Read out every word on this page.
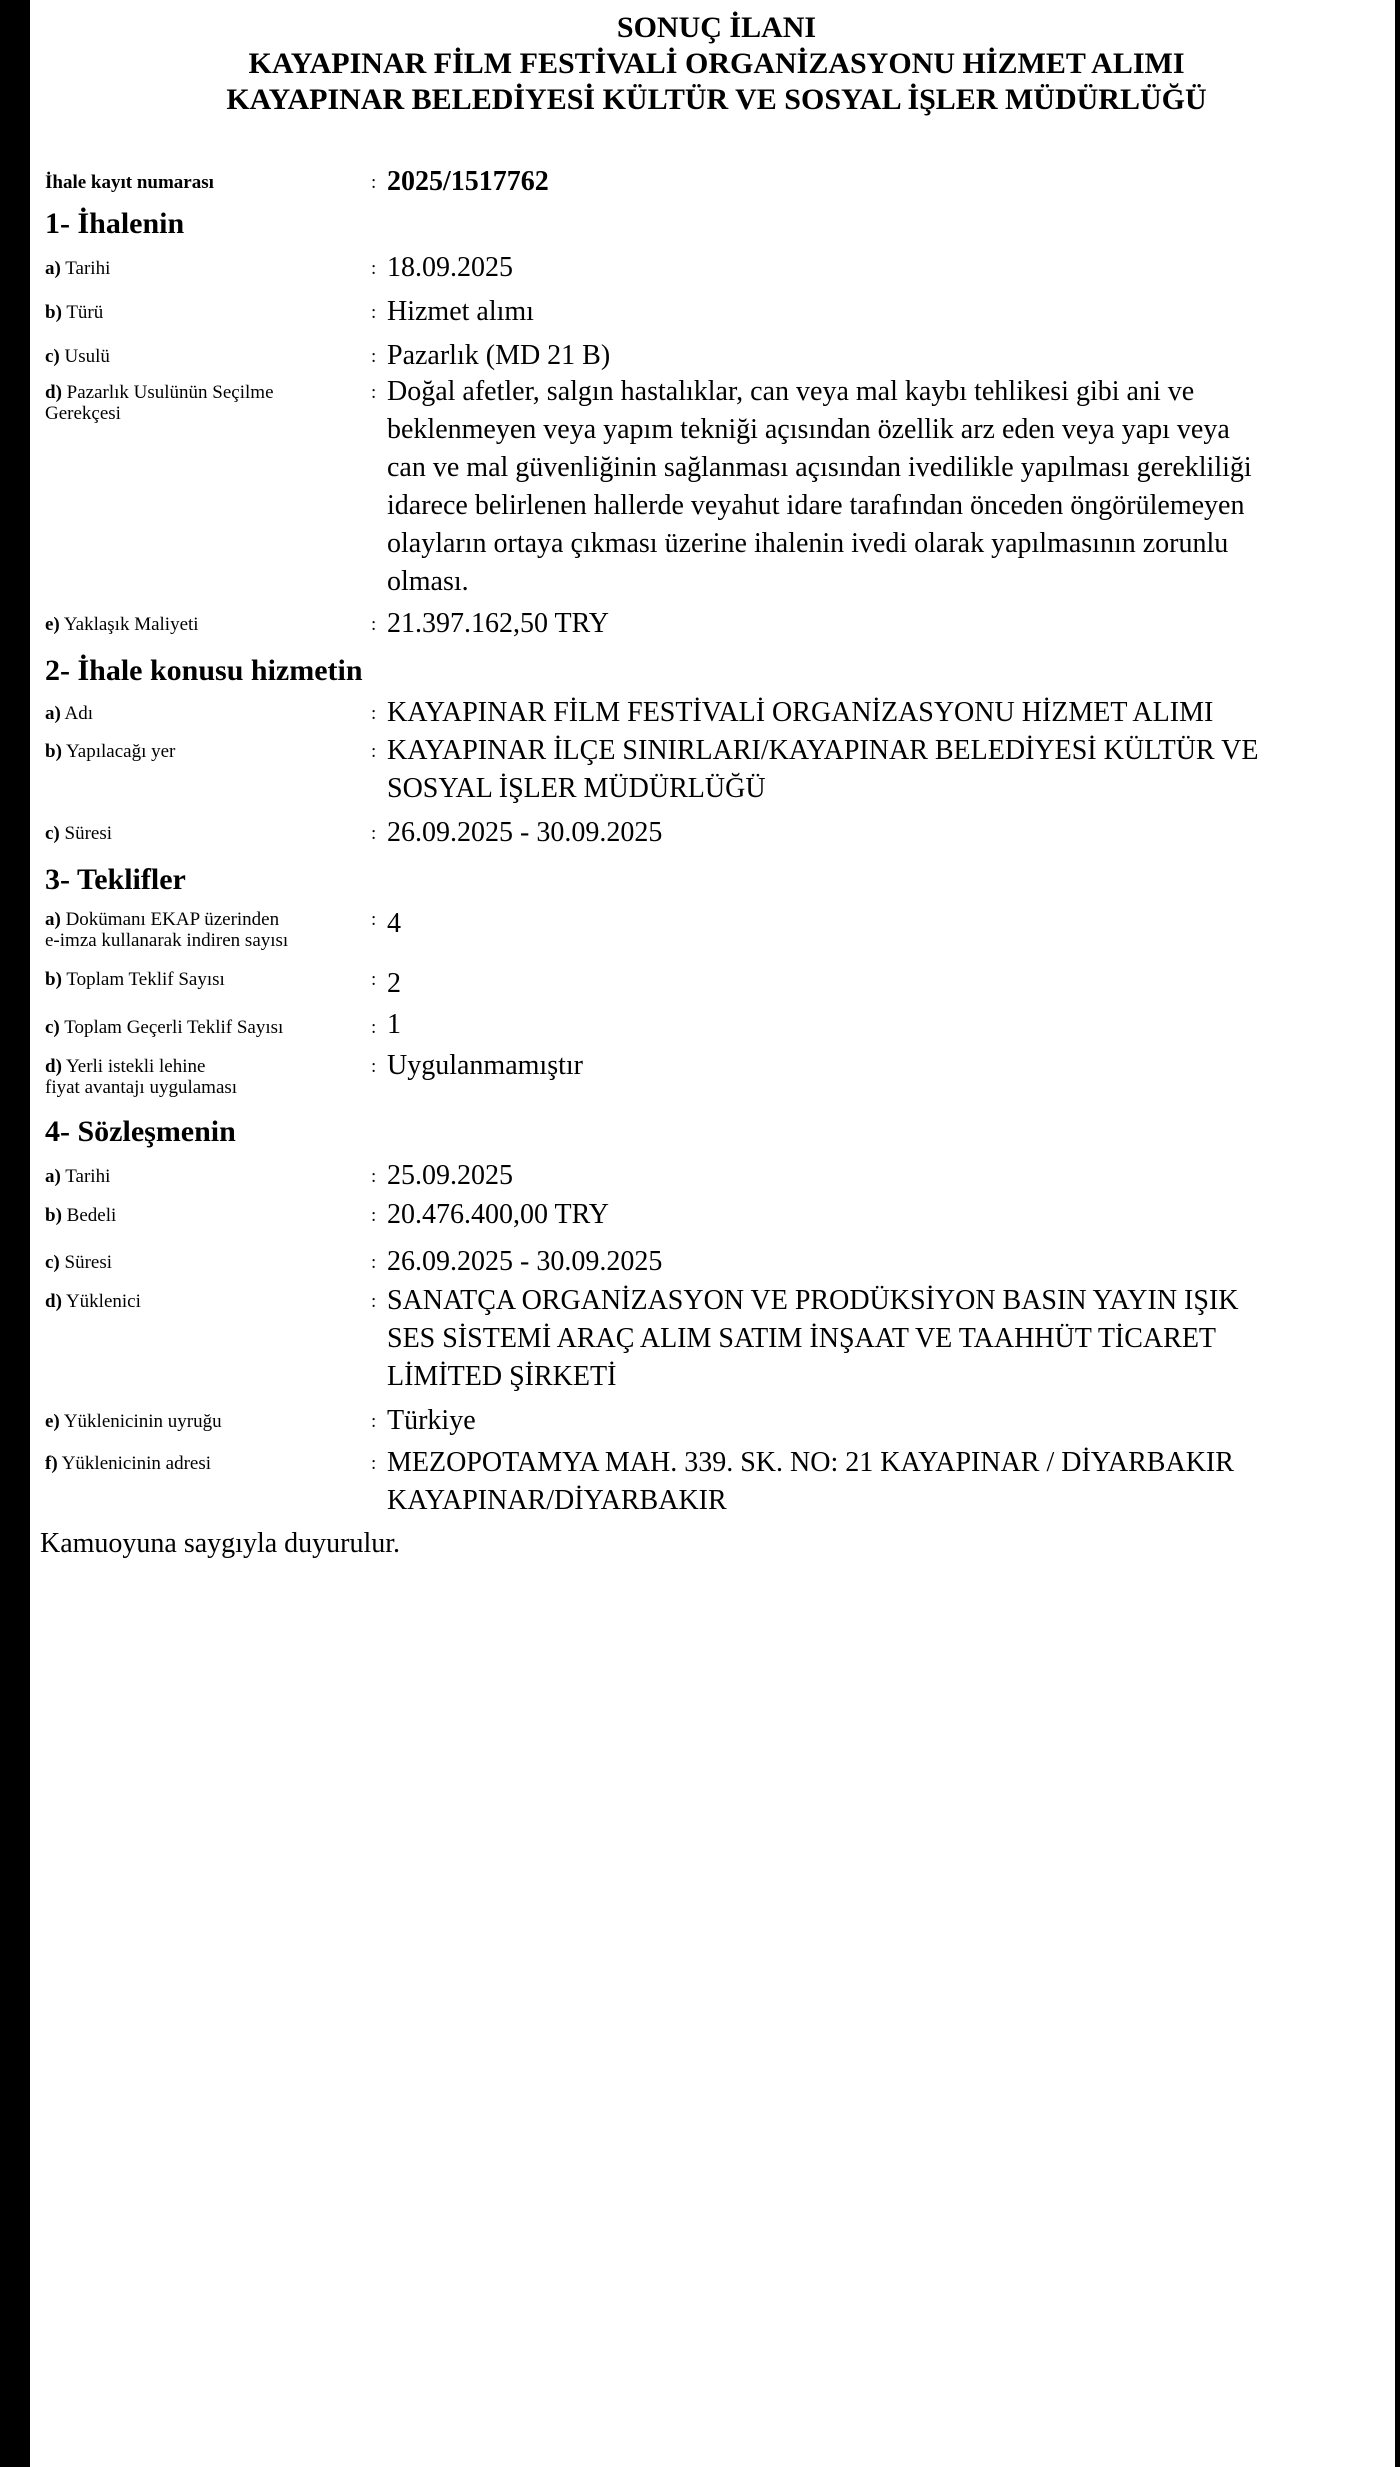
SONUÇ İLANI
KAYAPINAR FİLM FESTİVALİ ORGANİZASYONU HİZMET ALIMI
KAYAPINAR BELEDİYESİ KÜLTÜR VE SOSYAL İŞLER MÜDÜRLÜĞÜ
İhale kayıt numarası	: 2025/1517762
1- İhalenin
a) Tarihi	: 18.09.2025
b) Türü	: Hizmet alımı
c) Usulü	: Pazarlık (MD 21 B)
d) Pazarlık Usulünün Seçilme Gerekçesi
: Doğal afetler, salgın hastalıklar, can veya mal kaybı tehlikesi gibi ani ve
beklenmeyen veya yapım tekniği açısından özellik arz eden veya yapı veya
can ve mal güvenliğinin sağlanması açısından ivedilikle yapılması gerekliliği
idarece belirlenen hallerde veyahut idare tarafından önceden öngörülemeyen
olayların ortaya çıkması üzerine ihalenin ivedi olarak yapılmasının zorunlu
olması.
e) Yaklaşık Maliyeti	: 21.397.162,50 TRY
2- İhale konusu hizmetin
a) Adı	: KAYAPINAR FİLM FESTİVALİ ORGANİZASYONU HİZMET ALIMI
b) Yapılacağı yer	: KAYAPINAR İLÇE SINIRLARI/KAYAPINAR BELEDİYESİ KÜLTÜR VE
SOSYAL İŞLER MÜDÜRLÜĞÜ
c) Süresi	: 26.09.2025 - 30.09.2025
3- Teklifler
a) Dokümanı EKAP üzerinden
e-imza kullanarak indiren sayısı
: 4
b) Toplam Teklif Sayısı	: 2
c) Toplam Geçerli Teklif Sayısı	: 1
d) Yerli istekli lehine
fiyat avantajı uygulaması
: Uygulanmamıştır
4- Sözleşmenin
a) Tarihi	: 25.09.2025
b) Bedeli	: 20.476.400,00 TRY
c) Süresi	: 26.09.2025 - 30.09.2025
d) Yüklenici	: SANATÇA ORGANİZASYON VE PRODÜKSİYON BASIN YAYIN IŞIK
SES SİSTEMİ ARAÇ ALIM SATIM İNŞAAT VE TAAHHÜT TİCARET
LİMİTED ŞİRKETİ
e) Yüklenicinin uyruğu	: Türkiye
f) Yüklenicinin adresi	: MEZOPOTAMYA MAH. 339. SK. NO: 21 KAYAPINAR / DİYARBAKIR
KAYAPINAR/DİYARBAKIR
Kamuoyuna saygıyla duyurulur.
